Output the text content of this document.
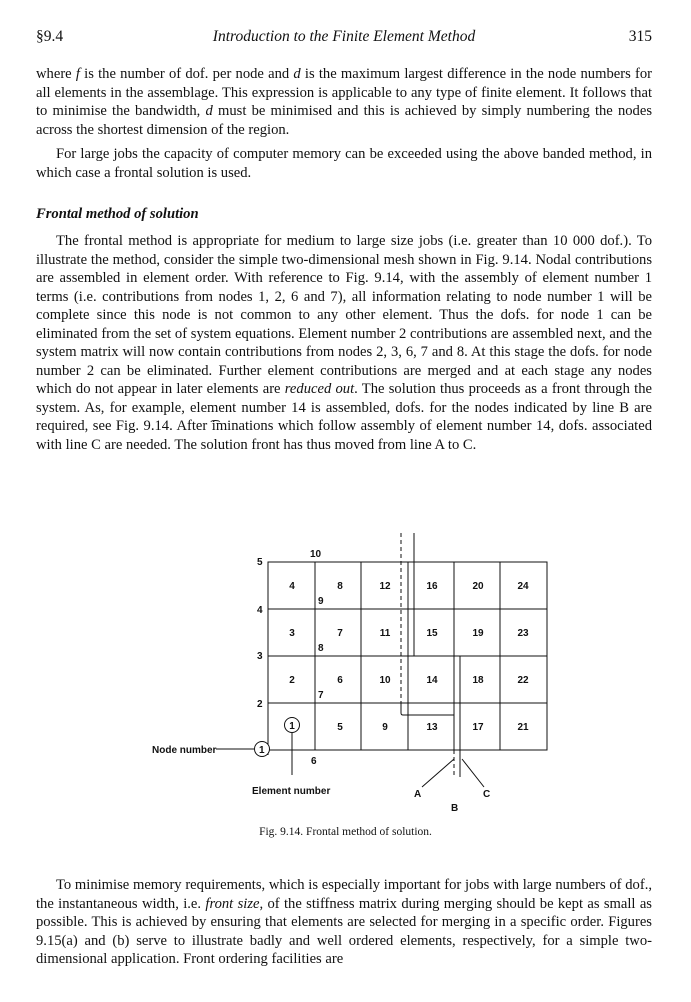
§9.4	Introduction to the Finite Element Method	315

where f is the number of dof. per node and d is the maximum largest difference in the node numbers for all elements in the assemblage. This expression is applicable to any type of finite element. It follows that to minimise the bandwidth, d must be minimised and this is achieved by simply numbering the nodes across the shortest dimension of the region.

For large jobs the capacity of computer memory can be exceeded using the above banded method, in which case a frontal solution is used.

Frontal method of solution

The frontal method is appropriate for medium to large size jobs (i.e. greater than 10 000 dof.). To illustrate the method, consider the simple two-dimensional mesh shown in Fig. 9.14. Nodal contributions are assembled in element order. With reference to Fig. 9.14, with the assembly of element number 1 terms (i.e. contributions from nodes 1, 2, 6 and 7), all information relating to node number 1 will be complete since this node is not common to any other element. Thus the dofs. for node 1 can be eliminated from the set of system equations. Element number 2 contributions are assembled next, and the system matrix will now contain contributions from nodes 2, 3, 6, 7 and 8. At this stage the dofs. for node number 2 can be eliminated. Further element contributions are merged and at each stage any nodes which do not appear in later elements are reduced out. The solution thus proceeds as a front through the system. As, for example, element number 14 is assembled, dofs. for the nodes indicated by line B are required, see Fig. 9.14. After ͡iminations which follow assembly of element number 14, dofs. associated with line C are needed. The solution front has thus moved from line A to C.

4	8	12	16	20	24
3	7	11	15	19	23
2	6	10	14	18	22
1	5	9	13	17	21
5
10
4
9
3
8
2
7
1
6
Node number
Element number	A
B
C
Fig. 9.14. Frontal method of solution.

To minimise memory requirements, which is especially important for jobs with large numbers of dof., the instantaneous width, i.e. front size, of the stiffness matrix during merging should be kept as small as possible. This is achieved by ensuring that elements are selected for merging in a specific order. Figures 9.15(a) and (b) serve to illustrate badly and well ordered elements, respectively, for a simple two-dimensional application. Front ordering facilities are
